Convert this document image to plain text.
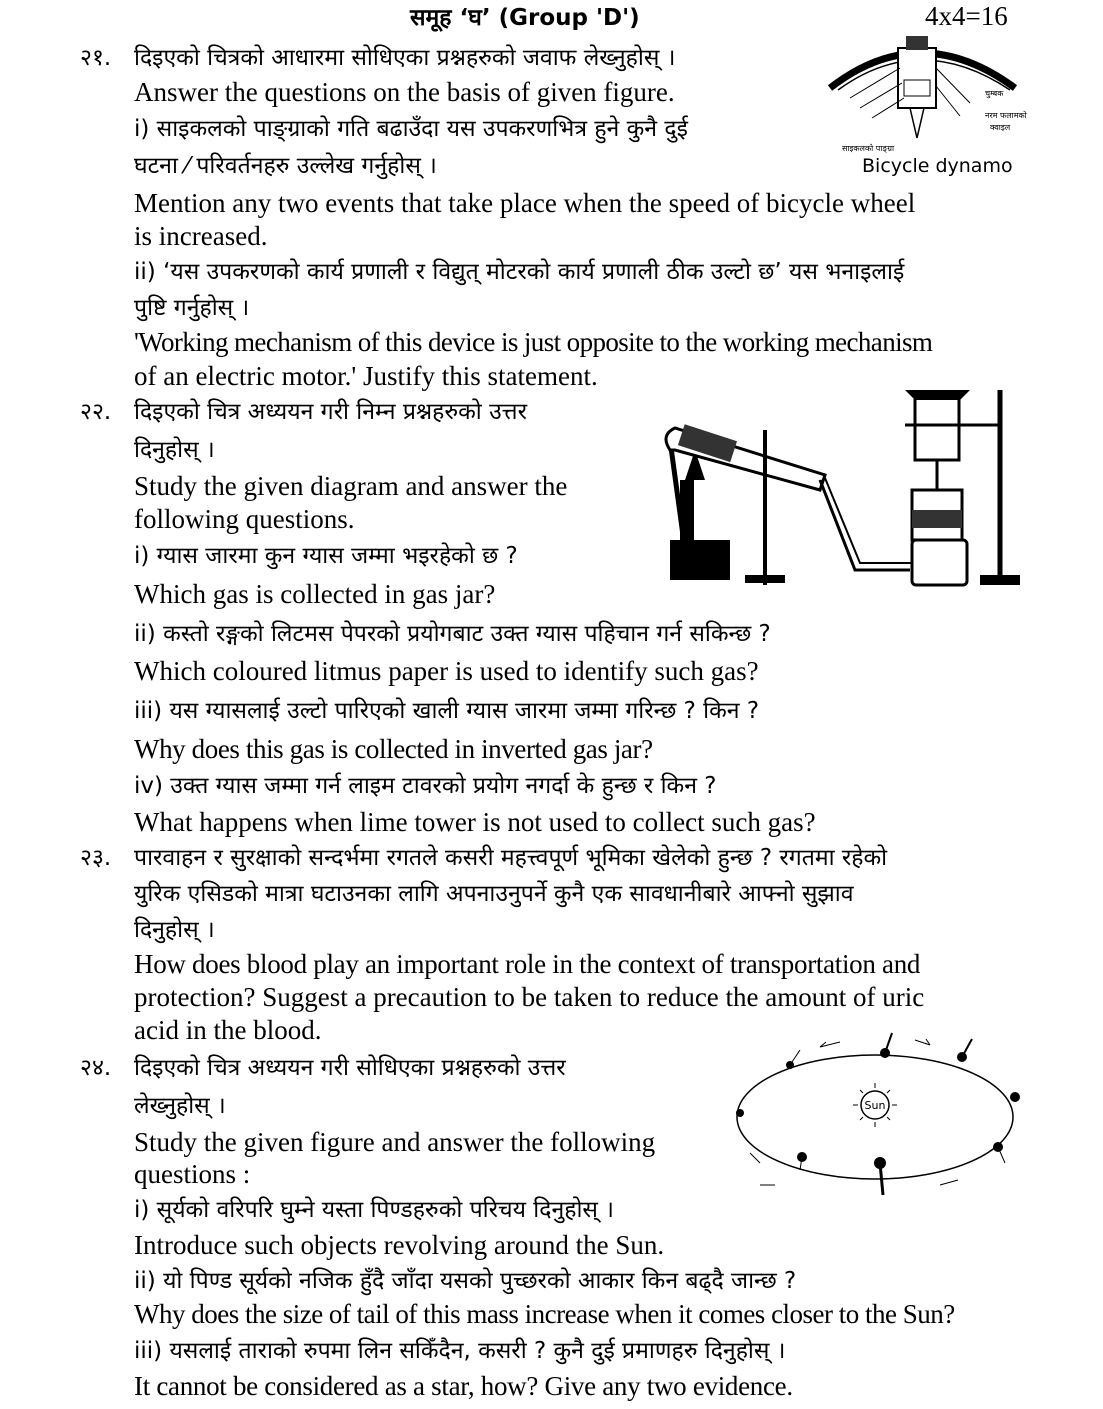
समूह ‘घ’ (Group 'D')	4x4=16
२१. दिइएको चित्रको आधारमा सोधिएका प्रश्नहरुको जवाफ लेख्नुहोस् ।
Answer the questions on the basis of given figure.
i) साइकलको पाङ्ग्राको गति बढाउँदा यस उपकरणभित्र हुने कुनै दुई
घटना ⁄ परिवर्तनहरु उल्लेख गर्नुहोस् ।
Mention any two events that take place when the speed of bicycle wheel
is increased.
ii) ‘यस उपकरणको कार्य प्रणाली र विद्युत् मोटरको कार्य प्रणाली ठीक उल्टो छ’ यस भनाइलाई
पुष्टि गर्नुहोस् ।
'Working mechanism of this device is just opposite to the working mechanism
of an electric motor.' Justify this statement.
चुम्बक
नरम फलामको
क्वाइल
साइकलको पाङ्ग्रा
Bicycle dynamo
२२. दिइएको चित्र अध्ययन गरी निम्न प्रश्नहरुको उत्तर
दिनुहोस् ।
Study the given diagram and answer the
following questions.
i) ग्यास जारमा कुन ग्यास जम्मा भइरहेको छ ?
Which gas is collected in gas jar?
ii) कस्तो रङ्गको लिटमस पेपरको प्रयोगबाट उक्त ग्यास पहिचान गर्न सकिन्छ ?
Which coloured litmus paper is used to identify such gas?
iii) यस ग्यासलाई उल्टो पारिएको खाली ग्यास जारमा जम्मा गरिन्छ ? किन ?
Why does this gas is collected in inverted gas jar?
iv) उक्त ग्यास जम्मा गर्न लाइम टावरको प्रयोग नगर्दा के हुन्छ र किन ?
What happens when lime tower is not used to collect such gas?
२३. पारवाहन र सुरक्षाको सन्दर्भमा रगतले कसरी महत्त्वपूर्ण भूमिका खेलेको हुन्छ ? रगतमा रहेको
युरिक एसिडको मात्रा घटाउनका लागि अपनाउनुपर्ने कुनै एक सावधानीबारे आफ्नो सुझाव
दिनुहोस् ।
How does blood play an important role in the context of transportation and
protection? Suggest a precaution to be taken to reduce the amount of uric
acid in the blood.
२४. दिइएको चित्र अध्ययन गरी सोधिएका प्रश्नहरुको उत्तर
लेख्नुहोस् ।
Study the given figure and answer the following
questions :
i) सूर्यको वरिपरि घुम्ने यस्ता पिण्डहरुको परिचय दिनुहोस् ।
Introduce such objects revolving around the Sun.
ii) यो पिण्ड सूर्यको नजिक हुँदै जाँदा यसको पुच्छरको आकार किन बढ्दै जान्छ ?
Why does the size of tail of this mass increase when it comes closer to the Sun?
iii) यसलाई ताराको रुपमा लिन सकिँदैन, कसरी ? कुनै दुई प्रमाणहरु दिनुहोस् ।
It cannot be considered as a star, how? Give any two evidence.
Sun
